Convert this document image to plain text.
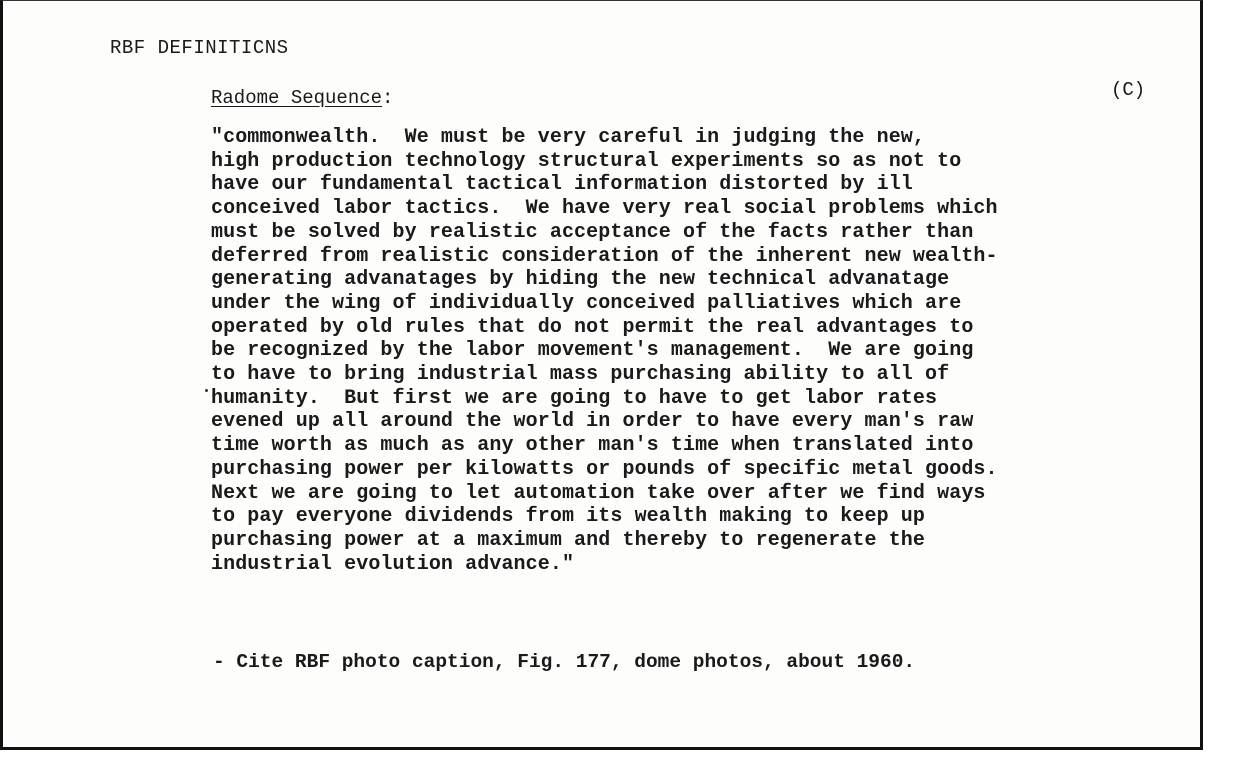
RBF DEFINITICNS
Radome Sequence:	(C)
"commonwealth.  We must be very careful in judging the new,
high production technology structural experiments so as not to
have our fundamental tactical information distorted by ill
conceived labor tactics.  We have very real social problems which
must be solved by realistic acceptance of the facts rather than
deferred from realistic consideration of the inherent new wealth-
generating advanatages by hiding the new technical advanatage
under the wing of individually conceived palliatives which are
operated by old rules that do not permit the real advantages to
be recognized by the labor movement's management.  We are going
to have to bring industrial mass purchasing ability to all of
humanity.  But first we are going to have to get labor rates
evened up all around the world in order to have every man's raw
time worth as much as any other man's time when translated into
purchasing power per kilowatts or pounds of specific metal goods.
Next we are going to let automation take over after we find ways
to pay everyone dividends from its wealth making to keep up
purchasing power at a maximum and thereby to regenerate the
industrial evolution advance."
- Cite RBF photo caption, Fig. 177, dome photos, about 1960.
